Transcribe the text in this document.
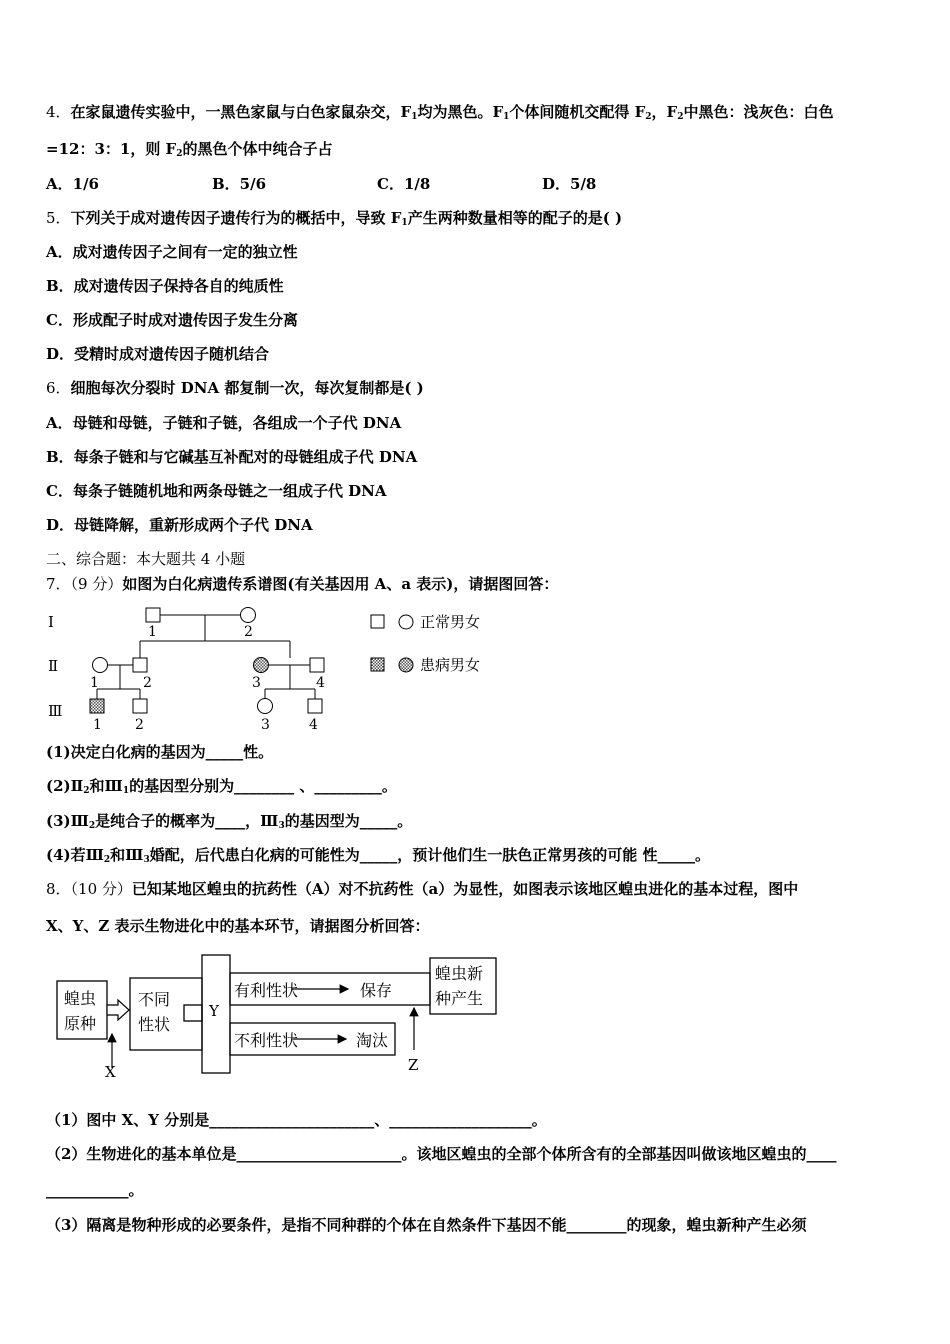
4．在家鼠遗传实验中，一黑色家鼠与白色家鼠杂交，$F_1$均为黑色。$F_1$个体间随机交配得 $F_2$，$F_2$中黑色：浅灰色：白色
=12：3：1，则 $F_2$的黑色个体中纯合子占
A．1/6	B．5/6	C．1/8	D．5/8
5．下列关于成对遗传因子遗传行为的概括中，导致 $F_1$产生两种数量相等的配子的是( )
A．成对遗传因子之间有一定的独立性
B．成对遗传因子保持各自的纯质性
C．形成配子时成对遗传因子发生分离
D．受精时成对遗传因子随机结合
6．细胞每次分裂时 DNA 都复制一次，每次复制都是( )
A．母链和母链，子链和子链，各组成一个子代 DNA
B．每条子链和与它碱基互补配对的母链组成子代 DNA
C．每条子链随机地和两条母链之一组成子代 DNA
D．母链降解，重新形成两个子代 DNA
二、综合题：本大题共 4 小题
7．（9 分）如图为白化病遗传系谱图(有关基因用 A、a 表示)，请据图回答：
Ⅰ
Ⅱ
Ⅲ
1	2
1	2	3	4
1 2	3	4
正常男女
患病男女
(1)决定白化病的基因为_____性。
$(2)Ⅱ_2$和$Ⅲ_1$的基因型分别为________ 、_________。
$(3)Ⅲ_2$是纯合子的概率为____，$Ⅲ_3$的基因型为_____。
(4)若$Ⅲ_2$和$Ⅲ_3$婚配，后代患白化病的可能性为_____，预计他们生一肤色正常男孩的可能 性_____。
8．（10 分）已知某地区蝗虫的抗药性（A）对不抗药性（a）为显性，如图表示该地区蝗虫进化的基本过程，图中
X、Y、Z 表示生物进化中的基本环节，请据图分析回答：
蝗虫
原种
不同
性状
Y
有利性状	保存
不利性状	淘汰
蝗虫新
种产生
X	Z
（1）图中 X、Y 分别是______________________、___________________。
（2）生物进化的基本单位是______________________。该地区蝗虫的全部个体所含有的全部基因叫做该地区蝗虫的____
___________。
（3）隔离是物种形成的必要条件，是指不同种群的个体在自然条件下基因不能________的现象，蝗虫新种产生必须
